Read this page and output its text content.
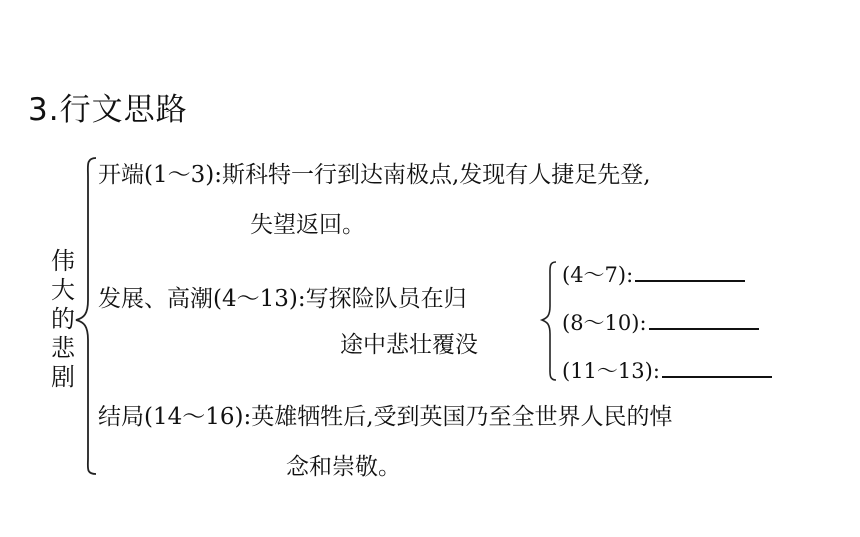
3.行文思路
伟
大
的
悲
剧
开端(1～3):斯科特一行到达南极点,发现有人捷足先登,
失望返回。
发展、高潮(4～13):写探险队员在归
途中悲壮覆没
(4～7):
(8～10):
(11～13):
结局(14～16):英雄牺牲后,受到英国乃至全世界人民的悼
念和崇敬。
